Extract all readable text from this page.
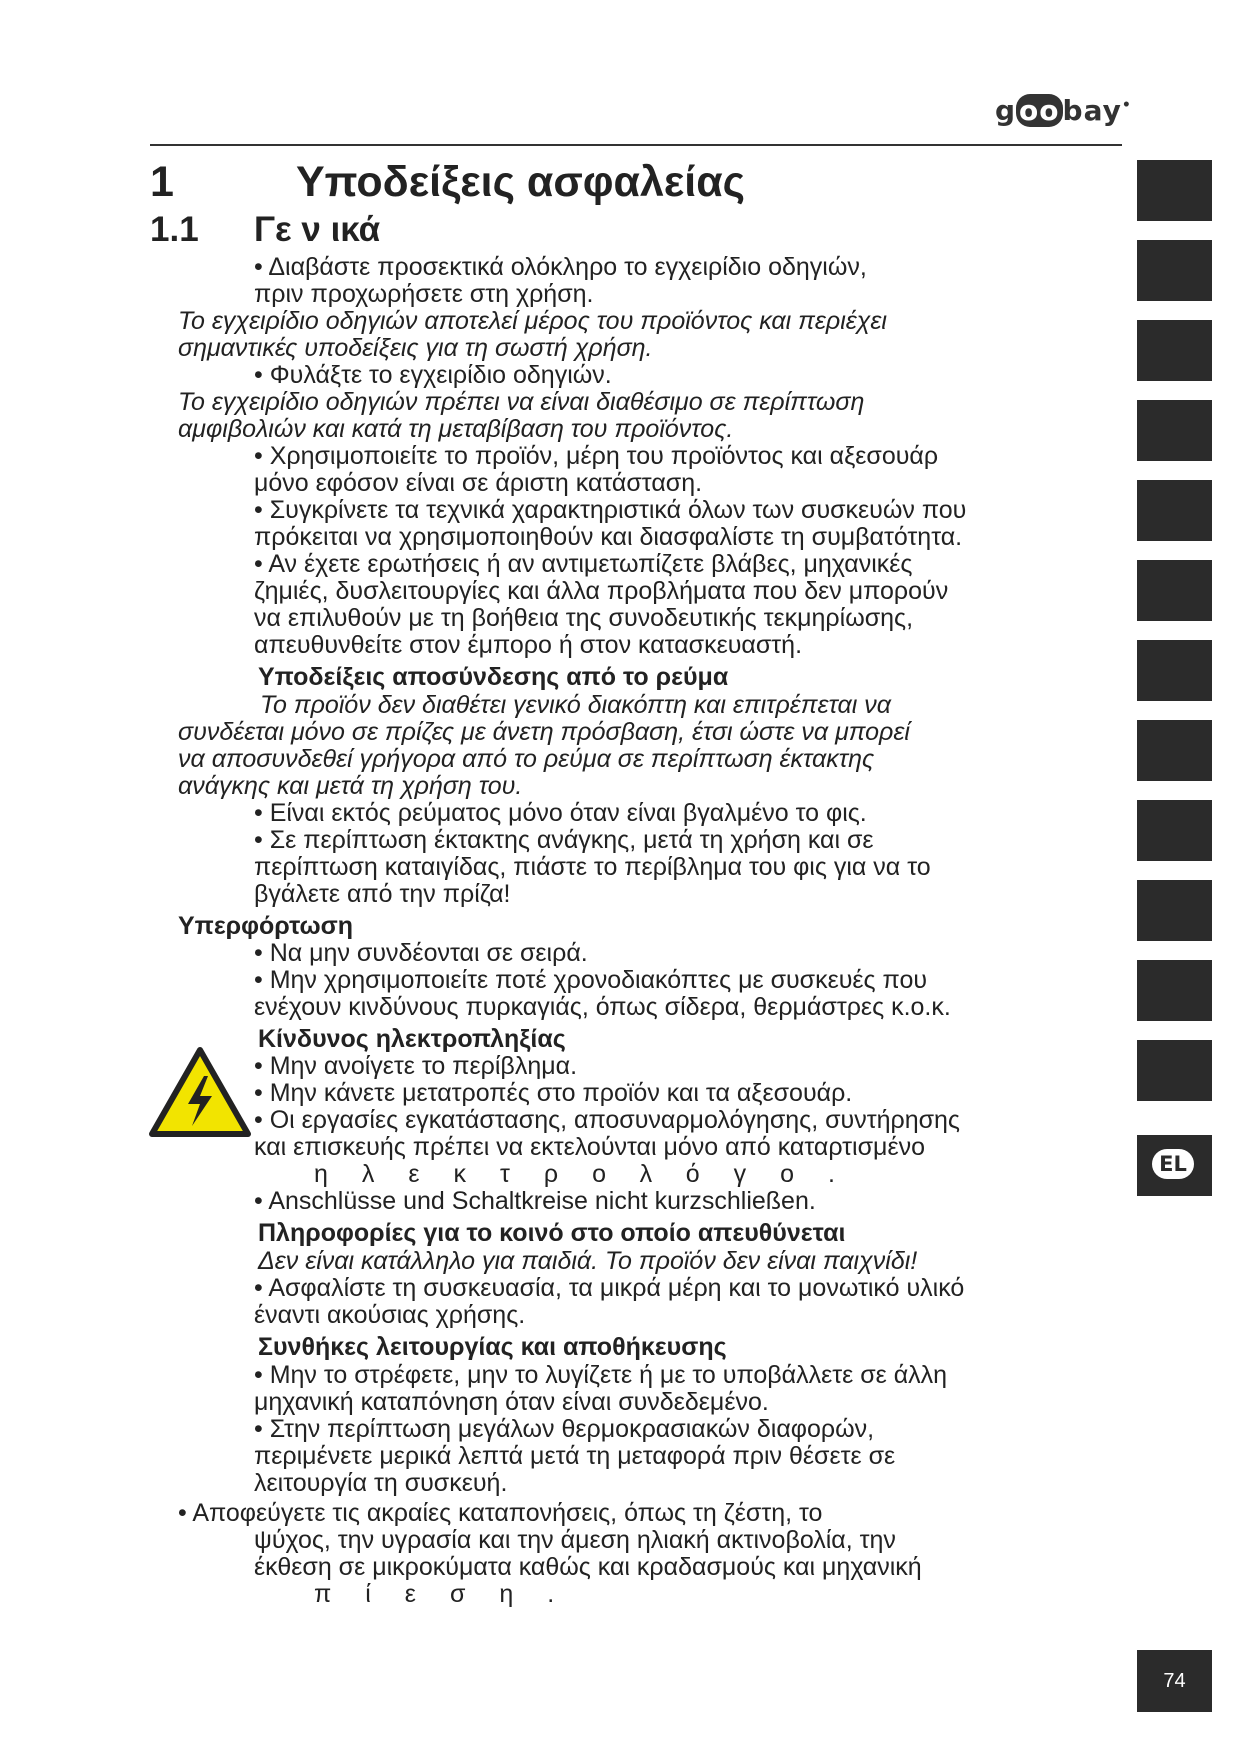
g oo bay•
1	Υποδείξεις ασφαλείας
1.1 Γε ν ικά
• Διαβάστε προσεκτικά ολόκληρο το εγχειρίδιο οδηγιών,
πριν προχωρήσετε στη χρήση.
Το εγχειρίδιο οδηγιών αποτελεί μέρος του προϊόντος και περιέχει
σημαντικές υποδείξεις για τη σωστή χρήση.
• Φυλάξτε το εγχειρίδιο οδηγιών.
Το εγχειρίδιο οδηγιών πρέπει να είναι διαθέσιμο σε περίπτωση
αμφιβολιών και κατά τη μεταβίβαση του προϊόντος.
• Χρησιμοποιείτε το προϊόν, μέρη του προϊόντος και αξεσουάρ
μόνο εφόσον είναι σε άριστη κατάσταση.
• Συγκρίνετε τα τεχνικά χαρακτηριστικά όλων των συσκευών που
πρόκειται να χρησιμοποιηθούν και διασφαλίστε τη συμβατότητα.
• Αν έχετε ερωτήσεις ή αν αντιμετωπίζετε βλάβες, μηχανικές
ζημιές, δυσλειτουργίες και άλλα προβλήματα που δεν μπορούν
να επιλυθούν με τη βοήθεια της συνοδευτικής τεκμηρίωσης,
απευθυνθείτε στον έμπορο ή στον κατασκευαστή.
Υποδείξεις αποσύνδεσης από το ρεύμα
Το προϊόν δεν διαθέτει γενικό διακόπτη και επιτρέπεται να
συνδέεται μόνο σε πρίζες με άνετη πρόσβαση, έτσι ώστε να μπορεί
να αποσυνδεθεί γρήγορα από το ρεύμα σε περίπτωση έκτακτης
ανάγκης και μετά τη χρήση του.
• Είναι εκτός ρεύματος μόνο όταν είναι βγαλμένο το φις.
• Σε περίπτωση έκτακτης ανάγκης, μετά τη χρήση και σε
περίπτωση καταιγίδας, πιάστε το περίβλημα του φις για να το
βγάλετε από την πρίζα!
Υπερφόρτωση
• Να μην συνδέονται σε σειρά.
• Μην χρησιμοποιείτε ποτέ χρονοδιακόπτες με συσκευές που
ενέχουν κινδύνους πυρκαγιάς, όπως σίδερα, θερμάστρες κ.ο.κ.
Κίνδυνος ηλεκτροπληξίας
• Μην ανοίγετε το περίβλημα.
• Μην κάνετε μετατροπές στο προϊόν και τα αξεσουάρ.
• Οι εργασίες εγκατάστασης, αποσυναρμολόγησης, συντήρησης
και επισκευής πρέπει να εκτελούνται μόνο από καταρτισμένο
ηλεκτρολόγο.
• Anschlüsse und Schaltkreise nicht kurzschließen.
Πληροφορίες για το κοινό στο οποίο απευθύνεται
Δεν είναι κατάλληλο για παιδιά. Το προϊόν δεν είναι παιχνίδι!
• Ασφαλίστε τη συσκευασία, τα μικρά μέρη και το μονωτικό υλικό
έναντι ακούσιας χρήσης.
Συνθήκες λειτουργίας και αποθήκευσης
• Μην το στρέφετε, μην το λυγίζετε ή με το υποβάλλετε σε άλλη
μηχανική καταπόνηση όταν είναι συνδεδεμένο.
• Στην περίπτωση μεγάλων θερμοκρασιακών διαφορών,
περιμένετε μερικά λεπτά μετά τη μεταφορά πριν θέσετε σε
λειτουργία τη συσκευή.
• Αποφεύγετε τις ακραίες καταπονήσεις, όπως τη ζέστη, το
ψύχος, την υγρασία και την άμεση ηλιακή ακτινοβολία, την
έκθεση σε μικροκύματα καθώς και κραδασμούς και μηχανική
πίεση.
EL
74
